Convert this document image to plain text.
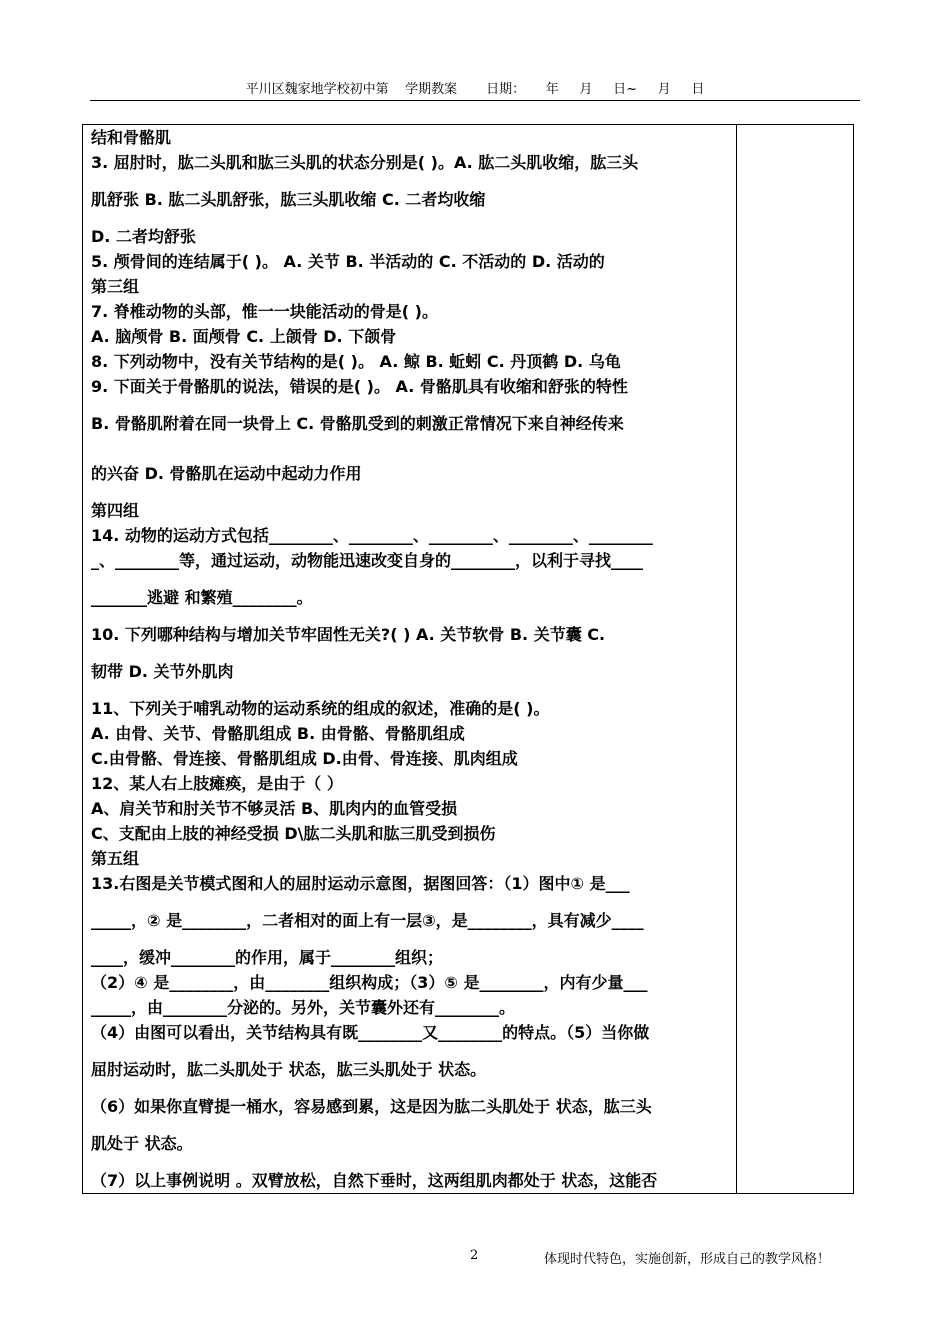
平川区魏家地学校初中第    学期教案       日期：     年     月     日~     月     日
结和骨骼肌
3. 屈肘时，肱二头肌和肱三头肌的状态分别是( )。A. 肱二头肌收缩，肱三头
肌舒张 B. 肱二头肌舒张，肱三头肌收缩 C. 二者均收缩
D. 二者均舒张
5. 颅骨间的连结属于( )。 A. 关节 B. 半活动的 C. 不活动的 D. 活动的
第三组
7. 脊椎动物的头部，惟一一块能活动的骨是( )。
A. 脑颅骨 B. 面颅骨 C. 上颌骨 D. 下颌骨
8. 下列动物中，没有关节结构的是( )。 A. 鲸 B. 蚯蚓 C. 丹顶鹤 D. 乌龟
9. 下面关于骨骼肌的说法，错误的是( )。 A. 骨骼肌具有收缩和舒张的特性
B. 骨骼肌附着在同一块骨上 C. 骨骼肌受到的刺激正常情况下来自神经传来
的兴奋 D. 骨骼肌在运动中起动力作用
第四组
14. 动物的运动方式包括________、________、________、________、________
_、________等，通过运动，动物能迅速改变自身的________，以利于寻找____
_______逃避 和繁殖________。
10. 下列哪种结构与增加关节牢固性无关?( ) A. 关节软骨 B. 关节囊 C.
韧带 D. 关节外肌肉
11、下列关于哺乳动物的运动系统的组成的叙述，准确的是( )。
A. 由骨、关节、骨骼肌组成 B. 由骨骼、骨骼肌组成
C.由骨骼、骨连接、骨骼肌组成 D.由骨、骨连接、肌肉组成
12、某人右上肢瘫痪，是由于（ ）
A、肩关节和肘关节不够灵活 B、肌肉内的血管受损
C、支配由上肢的神经受损 D\肱二头肌和肱三肌受到损伤
第五组
13.右图是关节模式图和人的屈肘运动示意图，据图回答：（1）图中① 是___
_____，② 是________，二者相对的面上有一层③，是________，具有减少____
____，缓冲________的作用，属于________组织；
（2）④ 是________，由________组织构成；（3）⑤ 是________，内有少量___
_____，由________分泌的。另外，关节囊外还有________。
（4）由图可以看出，关节结构具有既________又________的特点。（5）当你做
屈肘运动时，肱二头肌处于 状态，肱三头肌处于 状态。
（6）如果你直臂提一桶水，容易感到累，这是因为肱二头肌处于 状态，肱三头
肌处于 状态。
（7）以上事例说明 。双臂放松，自然下垂时，这两组肌肉都处于 状态，这能否
2	体现时代特色，实施创新，形成自己的教学风格！
